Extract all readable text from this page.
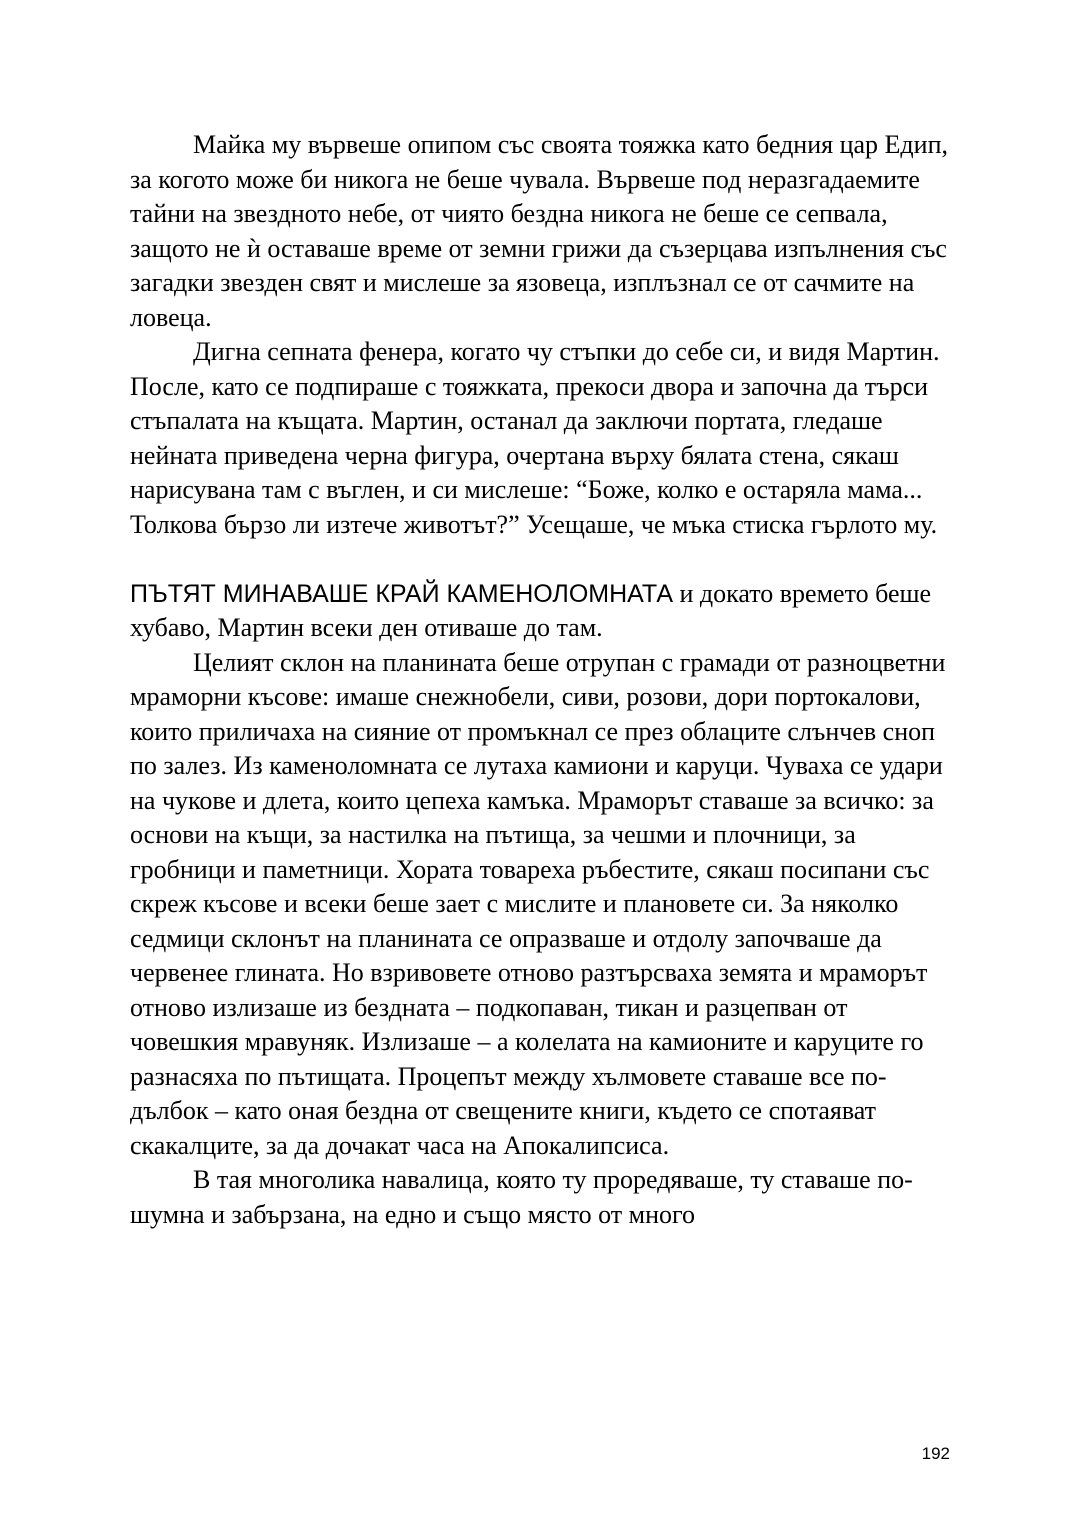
Майка му вървеше опипом със своята тояжка като бедния цар Едип, за когото може би никога не беше чувала. Вървеше под неразгадаемите тайни на звездното небе, от чиято бездна никога не беше се сепвала, защото не ѝ оставаше време от земни грижи да съзерцава изпълнения със загадки звезден свят и мислеше за язовеца, изплъзнал се от сачмите на ловеца.

Дигна сепната фенера, когато чу стъпки до себе си, и видя Мартин. После, като се подпираше с тояжката, прекоси двора и започна да търси стъпалата на къщата. Мартин, останал да заключи портата, гледаше нейната приведена черна фигура, очертана върху бялата стена, сякаш нарисувана там с въглен, и си мислеше: “Боже, колко е остаряла мама... Толкова бързо ли изтече животът?” Усещаше, че мъка стиска гърлото му.

ПЪТЯТ МИНАВАШЕ КРАЙ КАМЕНОЛОМНАТА и докато времето беше хубаво, Мартин всеки ден отиваше до там.

Целият склон на планината беше отрупан с грамади от разноцветни мраморни късове: имаше снежнобели, сиви, розови, дори портокалови, които приличаха на сияние от промъкнал се през облаците слънчев сноп по залез. Из каменоломната се лутаха камиони и каруци. Чуваха се удари на чукове и длета, които цепеха камъка. Мраморът ставаше за всичко: за основи на къщи, за настилка на пътища, за чешми и плочници, за гробници и паметници. Хората товареха ръбестите, сякаш посипани със скреж късове и всеки беше зает с мислите и плановете си. За няколко седмици склонът на планината се опразваше и отдолу започваше да червенее глината. Но взривовете отново разтърсваха земята и мраморът отново излизаше из бездната – подкопаван, тикан и разцепван от човешкия мравуняк. Излизаше – а колелата на камионите и каруците го разнасяха по пътищата. Процепът между хълмовете ставаше все по-дълбок – като оная бездна от свещените книги, където се спотаяват скакалците, за да дочакат часа на Апокалипсиса.

В тая многолика навалица, която ту проредяваше, ту ставаше по-шумна и забързана, на едно и също място от много

192
